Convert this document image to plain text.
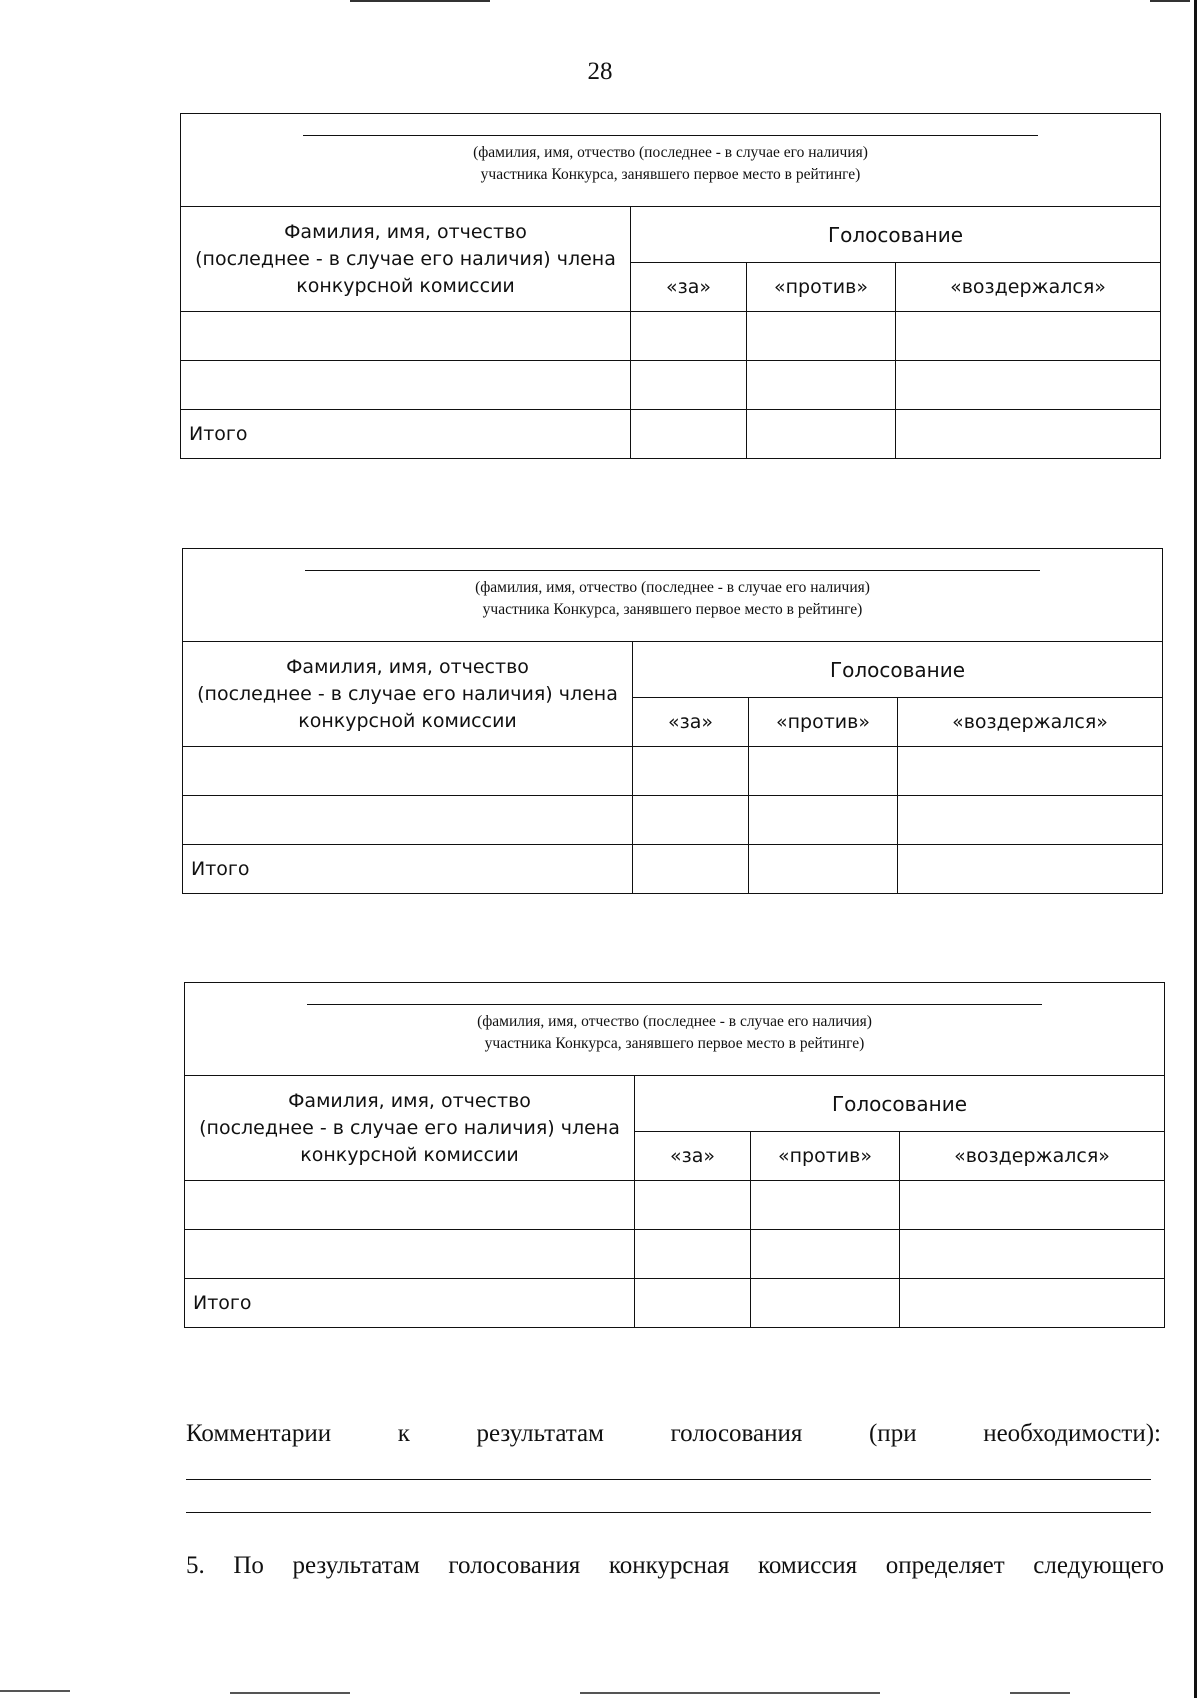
28
(фамилия, имя, отчество (последнее - в случае его наличия)
участника Конкурса, занявшего первое место в рейтинге)			

Фамилия, имя, отчество
(последнее - в случае его наличия) члена
конкурсной комиссии	Голосование		
	«за»	«против»	«воздержался»

Итого			
(фамилия, имя, отчество (последнее - в случае его наличия)
участника Конкурса, занявшего первое место в рейтинге)			

Фамилия, имя, отчество
(последнее - в случае его наличия) члена
конкурсной комиссии	Голосование		
	«за»	«против»	«воздержался»

Итого			
(фамилия, имя, отчество (последнее - в случае его наличия)
участника Конкурса, занявшего первое место в рейтинге)			

Фамилия, имя, отчество
(последнее - в случае его наличия) члена
конкурсной комиссии	Голосование		
	«за»	«против»	«воздержался»

Итого			
Комментарии	к	результатам	голосования	(при	необходимости):
5. По результатам голосования конкурсная комиссия определяет следующего
